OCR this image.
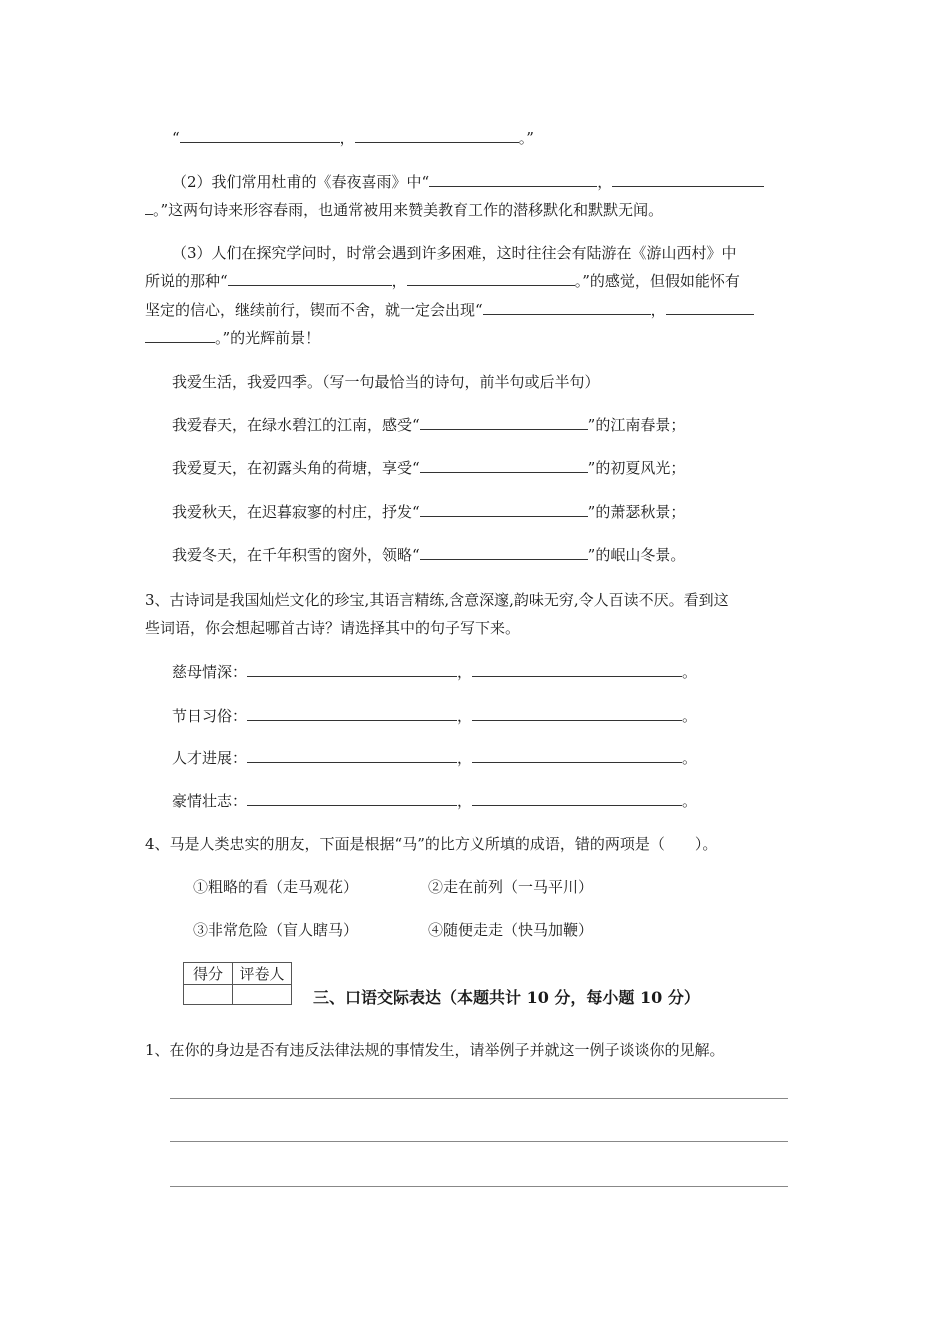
“	，	。”
（2）我们常用杜甫的《春夜喜雨》中“	，
。”这两句诗来形容春雨，也通常被用来赞美教育工作的潜移默化和默默无闻。
（3）人们在探究学问时，时常会遇到许多困难，这时往往会有陆游在《游山西村》中
所说的那种“	，	。”的感觉，但假如能怀有
坚定的信心，继续前行，锲而不舍，就一定会出现“	，
。”的光辉前景！
我爱生活，我爱四季。（写一句最恰当的诗句，前半句或后半句）
我爱春天，在绿水碧江的江南，感受“	”的江南春景；
我爱夏天，在初露头角的荷塘，享受“	”的初夏风光；
我爱秋天，在迟暮寂寥的村庄，抒发“	”的萧瑟秋景；
我爱冬天，在千年积雪的窗外，领略“	”的岷山冬景。
3、古诗词是我国灿烂文化的珍宝,其语言精练,含意深邃,韵味无穷,令人百读不厌。看到这
些词语，你会想起哪首古诗？请选择其中的句子写下来。
慈母情深：	，	。
节日习俗：	，	。
人才进展：	，	。
豪情壮志：	，	。
4、马是人类忠实的朋友，下面是根据“马”的比方义所填的成语，错的两项是（　　）。
①粗略的看（走马观花）	②走在前列（一马平川）
③非常危险（盲人瞎马）	④随便走走（快马加鞭）
得分	评卷人

三、口语交际表达（本题共计 10 分，每小题 10 分）
1、在你的身边是否有违反法律法规的事情发生，请举例子并就这一例子谈谈你的见解。
